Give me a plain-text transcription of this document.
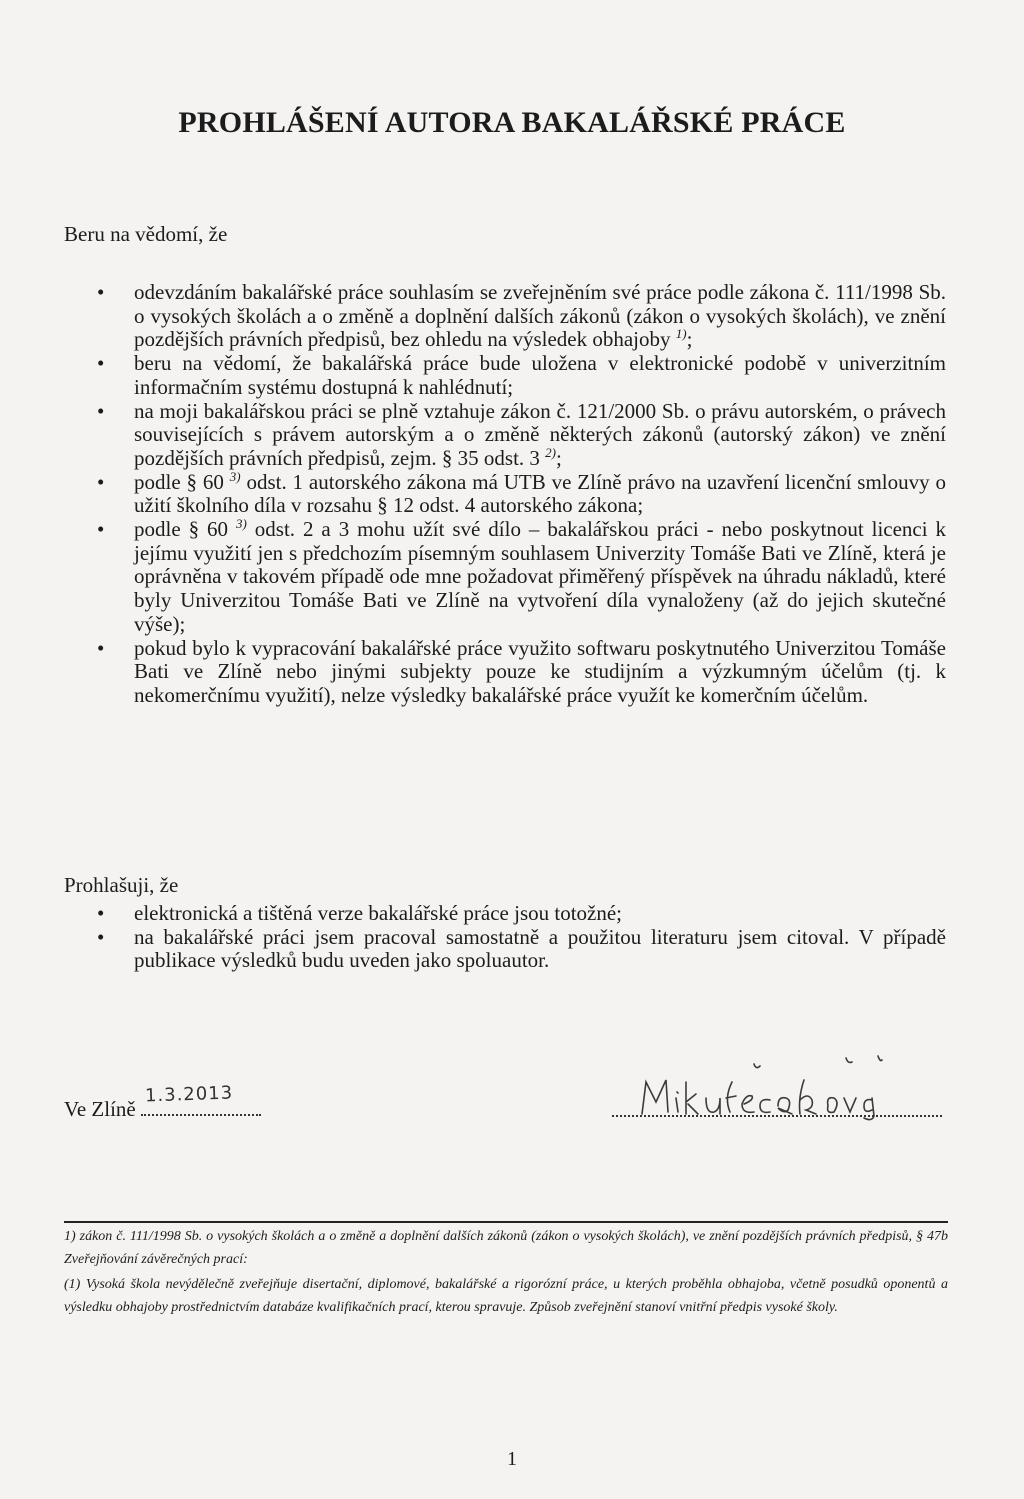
PROHLÁŠENÍ AUTORA BAKALÁŘSKÉ PRÁCE
Beru na vědomí, že
• odevzdáním bakalářské práce souhlasím se zveřejněním své práce podle zákona č. 111/1998 Sb. o vysokých školách a o změně a doplnění dalších zákonů (zákon o vysokých školách), ve znění pozdějších právních předpisů, bez ohledu na výsledek obhajoby $^{1)}$;
• beru na vědomí, že bakalářská práce bude uložena v elektronické podobě v univerzitním informačním systému dostupná k nahlédnutí;
• na moji bakalářskou práci se plně vztahuje zákon č. 121/2000 Sb. o právu autorském, o právech souvisejících s právem autorským a o změně některých zákonů (autorský zákon) ve znění pozdějších právních předpisů, zejm. § 35 odst. 3 $^{2)}$;
• podle § 60 $^{3)}$ odst. 1 autorského zákona má UTB ve Zlíně právo na uzavření licenční smlouvy o užití školního díla v rozsahu § 12 odst. 4 autorského zákona;
• podle § 60 $^{3)}$ odst. 2 a 3 mohu užít své dílo – bakalářskou práci - nebo poskytnout licenci k jejímu využití jen s předchozím písemným souhlasem Univerzity Tomáše Bati ve Zlíně, která je oprávněna v takovém případě ode mne požadovat přiměřený příspěvek na úhradu nákladů, které byly Univerzitou Tomáše Bati ve Zlíně na vytvoření díla vynaloženy (až do jejich skutečné výše);
• pokud bylo k vypracování bakalářské práce využito softwaru poskytnutého Univerzitou Tomáše Bati ve Zlíně nebo jinými subjekty pouze ke studijním a výzkumným účelům (tj. k nekomerčnímu využití), nelze výsledky bakalářské práce využít ke komerčním účelům.
Prohlašuji, že
• elektronická a tištěná verze bakalářské práce jsou totožné;
• na bakalářské práci jsem pracoval samostatně a použitou literaturu jsem citoval. V případě publikace výsledků budu uveden jako spoluautor.
Ve Zlíně
1.3.2013
1) zákon č. 111/1998 Sb. o vysokých školách a o změně a doplnění dalších zákonů (zákon o vysokých školách), ve znění pozdějších právních předpisů, § 47b Zveřejňování závěrečných prací:
(1) Vysoká škola nevýdělečně zveřejňuje disertační, diplomové, bakalářské a rigorózní práce, u kterých proběhla obhajoba, včetně posudků oponentů a výsledku obhajoby prostřednictvím databáze kvalifikačních prací, kterou spravuje. Způsob zveřejnění stanoví vnitřní předpis vysoké školy.
1
